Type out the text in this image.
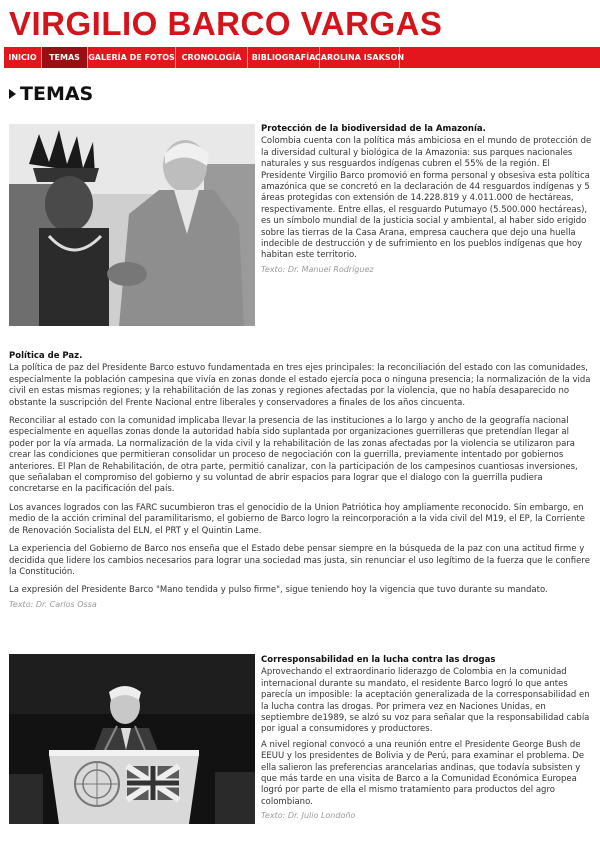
VIRGILIO BARCO VARGAS
INICIO	TEMAS	GALERÍA DE FOTOS CRONOLOGÍA	BIBLIOGRAFÍA CAROLINA ISAKSON
TEMAS
Protección de la biodiversidad de la Amazonía.

Colombia cuenta con la política más ambiciosa en el mundo de protección de la diversidad cultural y biológica de la Amazonia: sus parques nacionales naturales y sus resguardos indígenas cubren el 55% de la región. El Presidente Virgilio Barco promovió en forma personal y obsesiva esta política amazónica que se concretó en la declaración de 44 resguardos indígenas y 5 áreas protegidas con extensión de 14.228.819 y 4.011.000 de hectáreas, respectivamente. Entre ellas, el resguardo Putumayo (5.500.000 hectáreas), es un símbolo mundial de la justicia social y ambiental, al haber sido erigido sobre las tierras de la Casa Arana, empresa cauchera que dejo una huella indecible de destrucción y de sufrimiento en los pueblos indígenas que hoy habitan este territorio.

Texto: Dr. Manuel Rodríguez
Política de Paz.

La política de paz del Presidente Barco estuvo fundamentada en tres ejes principales: la reconciliación del estado con las comunidades, especialmente la población campesina que vivía en zonas donde el estado ejercía poca o ninguna presencia; la normalización de la vida civil en estas mismas regiones; y la rehabilitación de las zonas y regiones afectadas por la violencia, que no había desaparecido no obstante la suscripción del Frente Nacional entre liberales y conservadores a finales de los años cincuenta.

Reconciliar al estado con la comunidad implicaba llevar la presencia de las instituciones a lo largo y ancho de la geografía nacional especialmente en aquellas zonas donde la autoridad había sido suplantada por organizaciones guerrilleras que pretendían llegar al poder por la vía armada. La normalización de la vida civil y la rehabilitación de las zonas afectadas por la violencia se utilizaron para crear las condiciones que permitieran consolidar un proceso de negociación con la guerrilla, previamente intentado por gobiernos anteriores. El Plan de Rehabilitación, de otra parte, permitió canalizar, con la participación de los campesinos cuantiosas inversiones, que señalaban el compromiso del gobierno y su voluntad de abrir espacios para lograr que el dialogo con la guerrilla pudiera concretarse en la pacificación del país.

Los avances logrados con las FARC sucumbieron tras el genocidio de la Union Patriótica hoy ampliamente reconocido. Sin embargo, en medio de la acción criminal del paramilitarismo, el gobierno de Barco logro la reincorporación a la vida civil del M19, el EP, la Corriente de Renovación Socialista del ELN, el PRT y el Quintin Lame.

La experiencia del Gobierno de Barco nos enseña que el Estado debe pensar siempre en la búsqueda de la paz con una actitud firme y decidida que lidere los cambios necesarios para lograr una sociedad mas justa, sin renunciar el uso legítimo de la fuerza que le confiere la Constitución.

La expresión del Presidente Barco "Mano tendida y pulso firme", sigue teniendo hoy la vigencia que tuvo durante su mandato.

Texto: Dr. Carlos Ossa
Corresponsabilidad en la lucha contra las drogas

Aprovechando el extraordinario liderazgo de Colombia en la comunidad internacional durante su mandato, el residente Barco logró lo que antes parecía un imposible: la aceptación generalizada de la corresponsabilidad en la lucha contra las drogas. Por primera vez en Naciones Unidas, en septiembre de1989, se alzó su voz para señalar que la responsabilidad cabía por igual a consumidores y productores.

A nivel regional convocó a una reunión entre el Presidente George Bush de EEUU y los presidentes de Bolivia y de Perú, para examinar el problema. De ella salieron las preferencias arancelarias andinas, que todavía subsisten y que más tarde en una visita de Barco a la Comunidad Económica Europea logró por parte de ella el mismo tratamiento para productos del agro colombiano.

Texto: Dr. Julio Londoño
